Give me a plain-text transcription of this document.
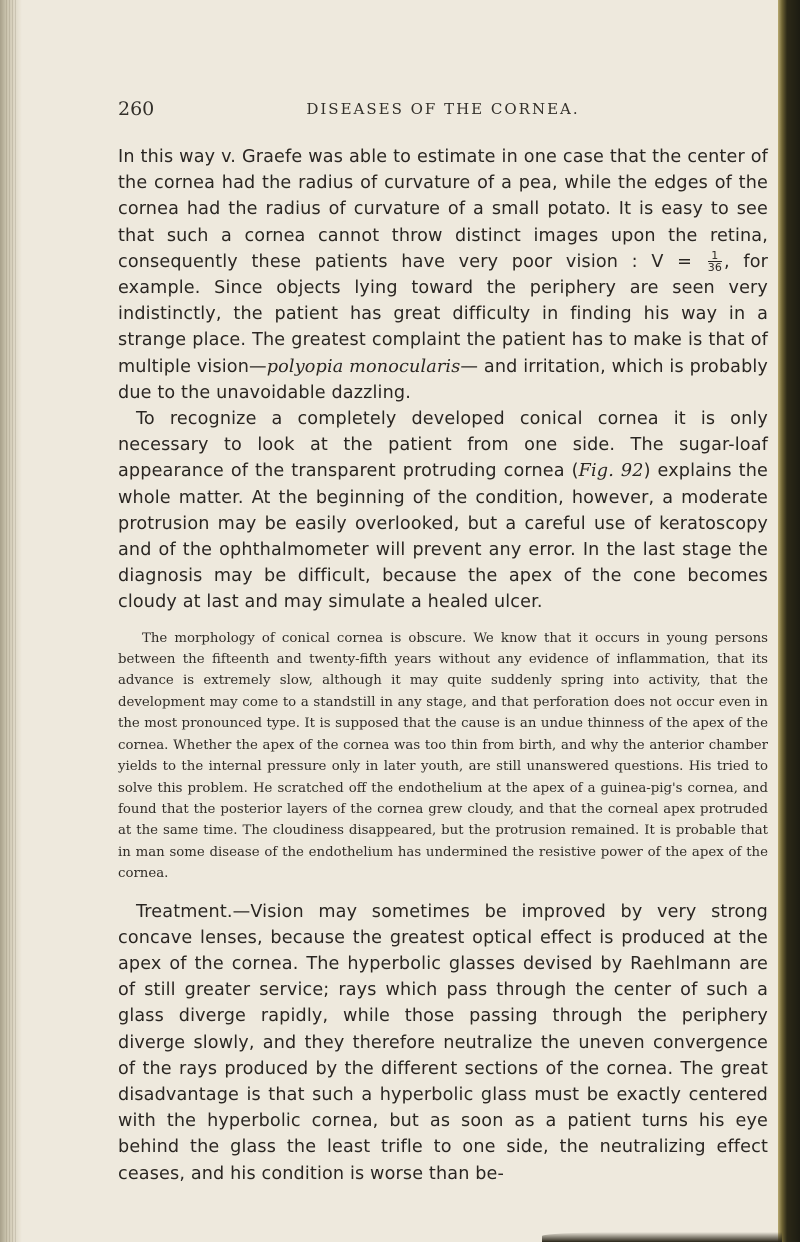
260	DISEASES OF THE CORNEA.

In this way v. Graefe was able to estimate in one case that the center of the cornea had the radius of curvature of a pea, while the edges of the cornea had the radius of curvature of a small potato. It is easy to see that such a cornea cannot throw distinct images upon the retina, consequently these patients have very poor vision : $V = \frac{1}{36}$ , for example. Since objects lying toward the periphery are seen very indistinctly, the patient has great difficulty in finding his way in a strange place. The greatest complaint the patient has to make is that of multiple vision—polyopia monocularis— and irritation, which is probably due to the unavoidable dazzling.

To recognize a completely developed conical cornea it is only necessary to look at the patient from one side. The sugar-loaf appearance of the transparent protruding cornea (Fig. 92) explains the whole matter. At the beginning of the condition, however, a moderate protrusion may be easily overlooked, but a careful use of keratoscopy and of the ophthalmometer will prevent any error. In the last stage the diagnosis may be difficult, because the apex of the cone becomes cloudy at last and may simulate a healed ulcer.

The morphology of conical cornea is obscure. We know that it occurs in young persons between the fifteenth and twenty-fifth years without any evidence of inflammation, that its advance is extremely slow, although it may quite suddenly spring into activity, that the development may come to a standstill in any stage, and that perforation does not occur even in the most pronounced type. It is supposed that the cause is an undue thinness of the apex of the cornea. Whether the apex of the cornea was too thin from birth, and why the anterior chamber yields to the internal pressure only in later youth, are still unanswered questions. His tried to solve this problem. He scratched off the endothelium at the apex of a guinea-pig's cornea, and found that the posterior layers of the cornea grew cloudy, and that the corneal apex protruded at the same time. The cloudiness disappeared, but the protrusion remained. It is probable that in man some disease of the endothelium has undermined the resistive power of the apex of the cornea.

Treatment.—Vision may sometimes be improved by very strong concave lenses, because the greatest optical effect is produced at the apex of the cornea. The hyperbolic glasses devised by Raehlmann are of still greater service; rays which pass through the center of such a glass diverge rapidly, while those passing through the periphery diverge slowly, and they therefore neutralize the uneven convergence of the rays produced by the different sections of the cornea. The great disadvantage is that such a hyperbolic glass must be exactly centered with the hyperbolic cornea, but as soon as a patient turns his eye behind the glass the least trifle to one side, the neutralizing effect ceases, and his condition is worse than be-
